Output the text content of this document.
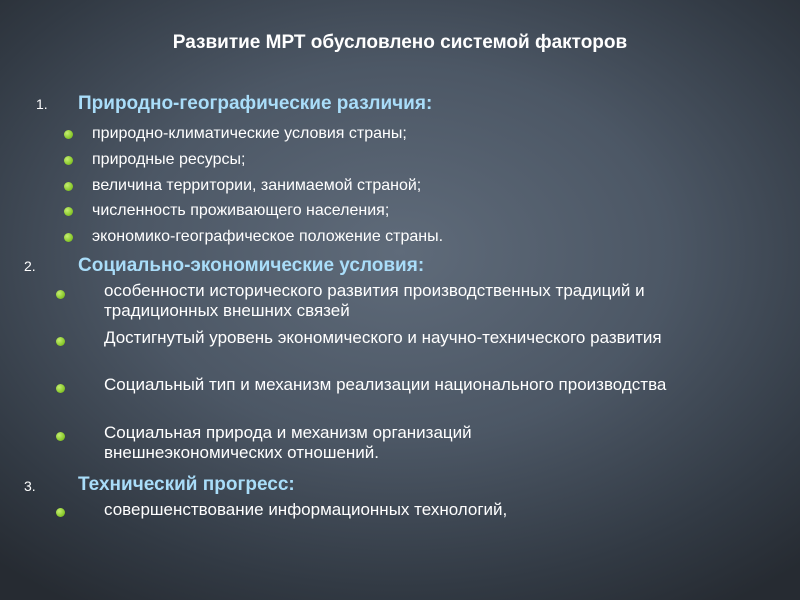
Развитие МРТ обусловлено системой факторов
1. Природно-географические различия:
природно-климатические условия страны;
природные ресурсы;
величина территории, занимаемой страной;
численность проживающего населения;
экономико-географическое положение страны.
2. Социально-экономические условия:
особенности исторического развития производственных традиций и традиционных внешних связей
Достигнутый уровень экономического и научно-технического развития
Социальный тип и механизм реализации национального производства
Социальная природа и механизм организаций внешнеэкономических отношений.
3. Технический прогресс:
совершенствование информационных технологий,
